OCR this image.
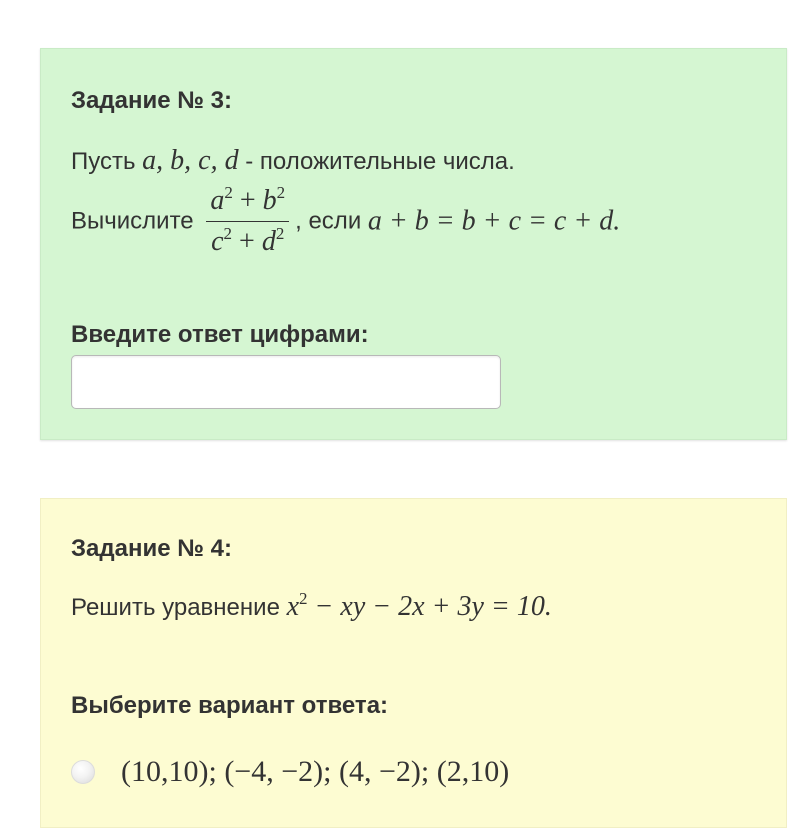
Задание № 3:
Пусть a, b, c, d - положительные числа.
Вычислите $\frac{a^2 + b^2}{c^2 + d^2}$ , если a + b = b + c = c + d.
Введите ответ цифрами:
Задание № 4:
Решить уравнение $x^2$ − xy − 2x + 3y = 10.
Выберите вариант ответа:
(10,10); (−4, −2); (4, −2); (2,10)
